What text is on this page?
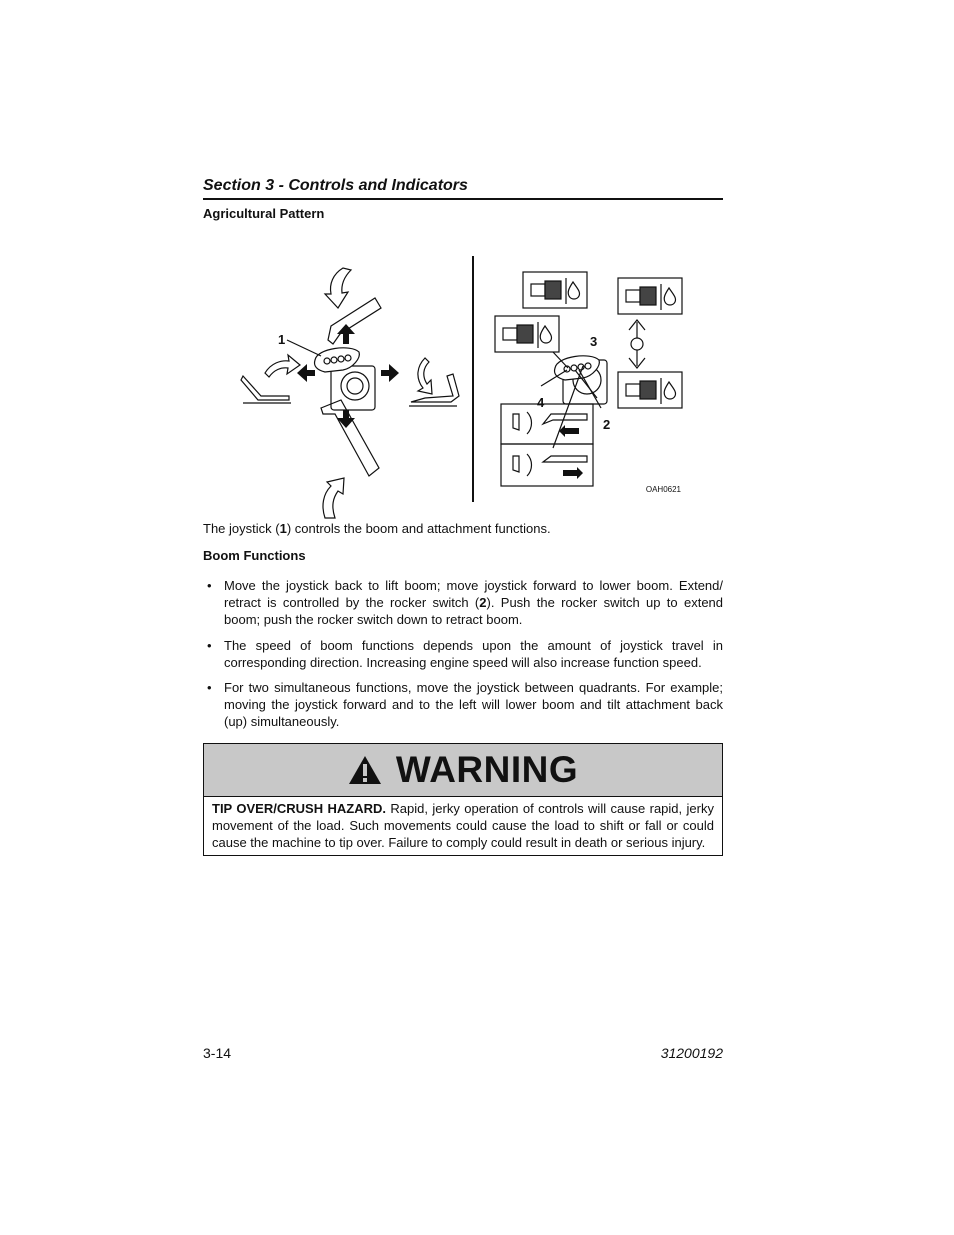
Section 3 - Controls and Indicators
Agricultural Pattern
1
2
3
4
OAH0621

The joystick (1) controls the boom and attachment functions.

Boom Functions

• Move the joystick back to lift boom; move joystick forward to lower boom. Extend/ retract is controlled by the rocker switch (2). Push the rocker switch up to extend boom; push the rocker switch down to retract boom.
• The speed of boom functions depends upon the amount of joystick travel in corresponding direction. Increasing engine speed will also increase function speed.
• For two simultaneous functions, move the joystick between quadrants. For example; moving the joystick forward and to the left will lower boom and tilt attachment back (up) simultaneously.
WARNING
TIP OVER/CRUSH HAZARD. Rapid, jerky operation of controls will cause rapid, jerky movement of the load. Such movements could cause the load to shift or fall or could cause the machine to tip over. Failure to comply could result in death or serious injury.
3-14	31200192
